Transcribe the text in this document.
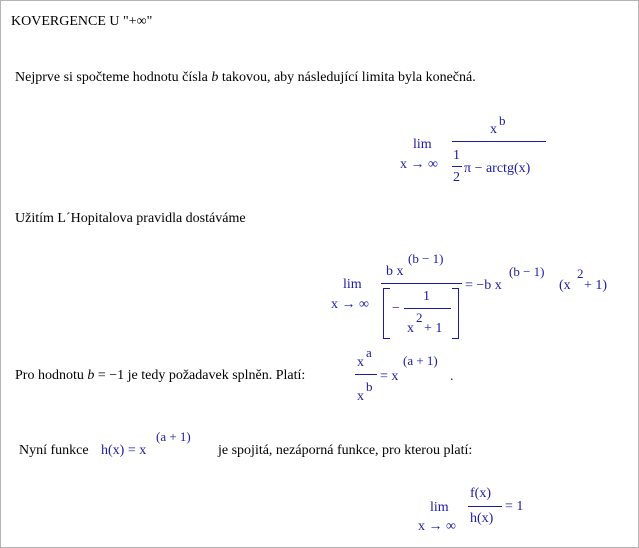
KOVERGENCE U "+∞"
Nejprve si spočteme hodnotu čísla b takovou, aby následující limita byla konečná.
lim
x → ∞
x
b
1
2
π − arctg(x)
Užitím L´Hopitalova pravidla dostáváme
lim
x → ∞
b x
(b − 1)
−
1
x
2
+ 1
= −b x
(b − 1)
(x
2
+ 1)
Pro hodnotu b = −1 je tedy požadavek splněn. Platí:
x
a
x
b
= x
(a + 1)
.
Nyní funkce h(x) = x
(a + 1)
je spojitá, nezáporná funkce, pro kterou platí:
lim
x → ∞
f(x)
h(x)
= 1
